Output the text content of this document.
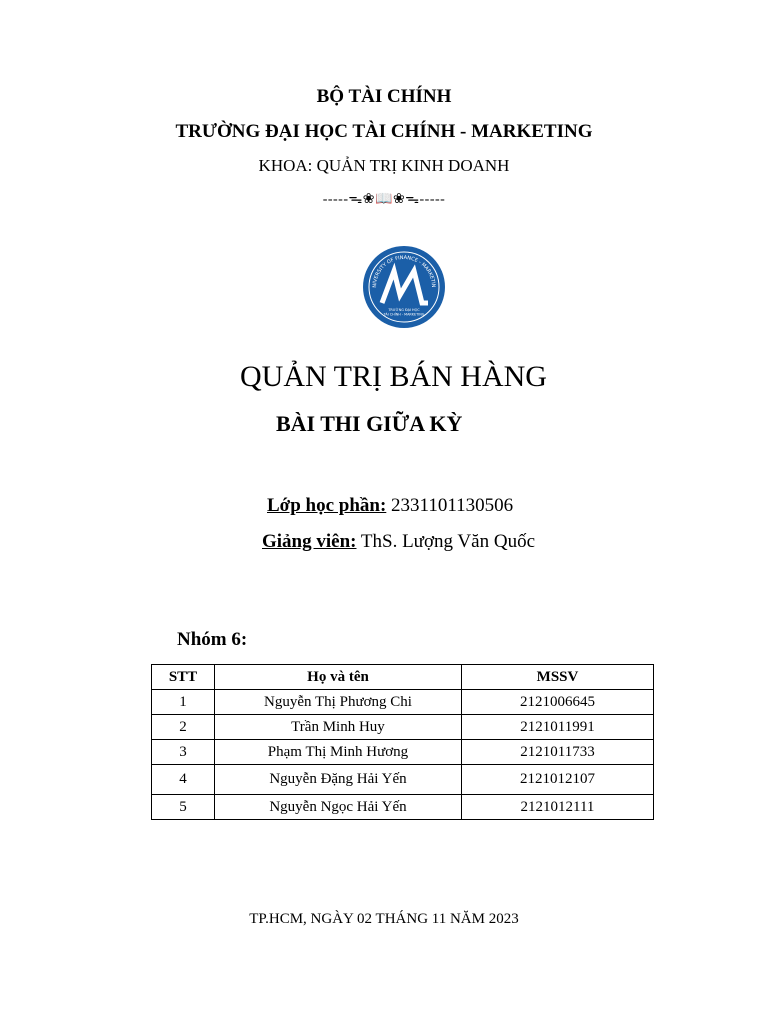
BỘ TÀI CHÍNH
TRƯỜNG ĐẠI HỌC TÀI CHÍNH - MARKETING
KHOA: QUẢN TRỊ KINH DOANH
-----ᯓ❀📖❀ᯓ-----
NIVERSITY OF FINANCE - MARKETIN
TRƯỜNG ĐẠI HỌC
TÀI CHÍNH - MARKETING
QUẢN TRỊ BÁN HÀNG
BÀI THI GIỮA KỲ
Lớp học phần: 2331101130506
Giảng viên: ThS. Lượng Văn Quốc
Nhóm 6:
STT	Họ và tên	MSSV
1	Nguyễn Thị Phương Chi	2121006645
2	Trần Minh Huy	2121011991
3	Phạm Thị Minh Hương	2121011733
4	Nguyễn Đặng Hải Yến	2121012107
5	Nguyễn Ngọc Hải Yến	2121012111
TP.HCM, NGÀY 02 THÁNG 11 NĂM 2023
